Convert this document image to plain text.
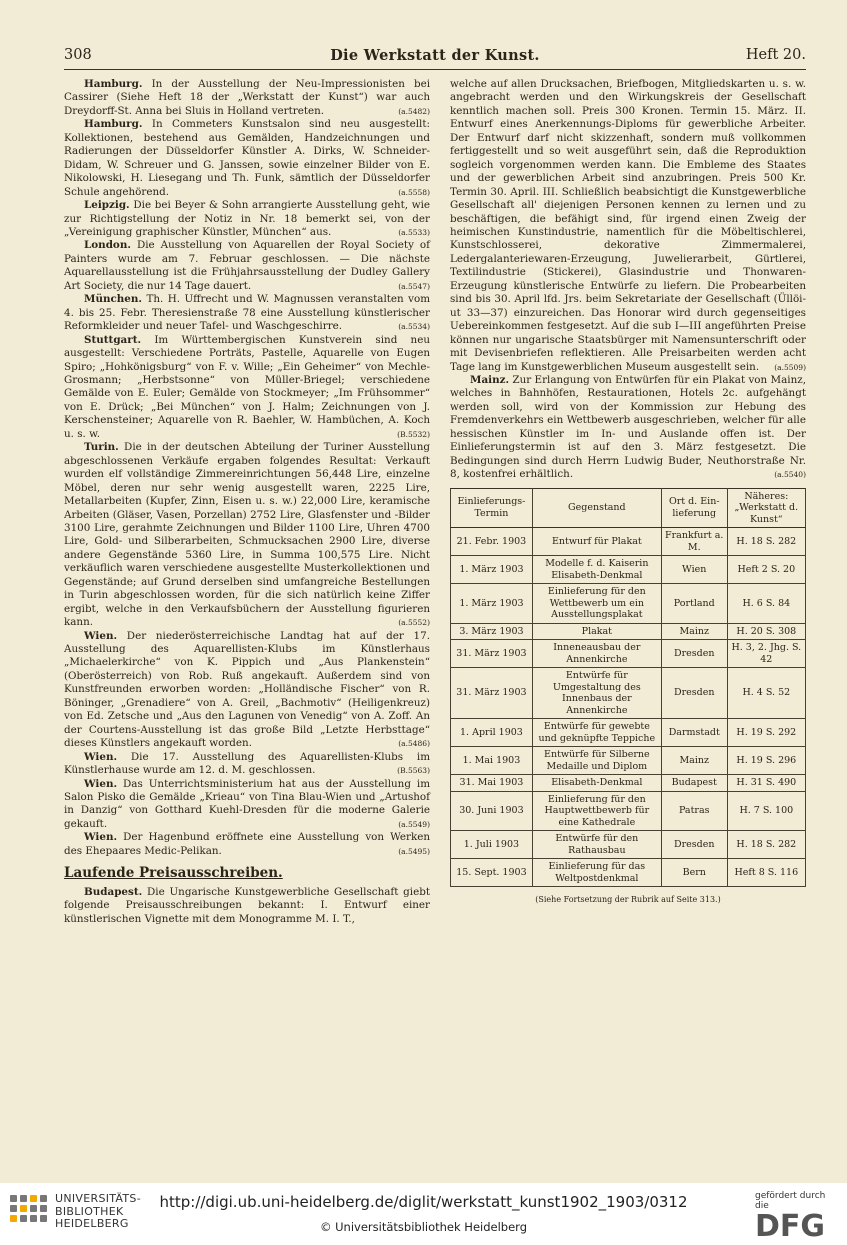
308	Die Werkstatt der Kunst.	Heft 20.

Hamburg. In der Ausstellung der Neu-Impressionisten bei Cassirer (Siehe Heft 18 der „Werkstatt der Kunst“) war auch Dreydorff-St. Anna bei Sluis in Holland vertreten.	(a.5482)

Hamburg. In Commeters Kunstsalon sind neu ausgestellt: Kollektionen, bestehend aus Gemälden, Handzeichnungen und Radierungen der Düsseldorfer Künstler A. Dirks, W. Schneider-Didam, W. Schreuer und G. Janssen, sowie einzelner Bilder von E. Nikolowski, H. Liesegang und Th. Funk, sämtlich der Düsseldorfer Schule angehörend.	(a.5558)

Leipzig. Die bei Beyer & Sohn arrangierte Ausstellung geht, wie zur Richtigstellung der Notiz in Nr. 18 bemerkt sei, von der „Vereinigung graphischer Künstler, München“ aus.	(a.5533)

London. Die Ausstellung von Aquarellen der Royal Society of Painters wurde am 7. Februar geschlossen. — Die nächste Aquarellausstellung ist die Frühjahrsausstellung der Dudley Gallery Art Society, die nur 14 Tage dauert.	(a.5547)

München. Th. H. Uffrecht und W. Magnussen veranstalten vom 4. bis 25. Febr. Theresienstraße 78 eine Ausstellung künstlerischer Reformkleider und neuer Tafel- und Waschgeschirre.	(a.5534)

Stuttgart. Im Württembergischen Kunstverein sind neu ausgestellt: Verschiedene Porträts, Pastelle, Aquarelle von Eugen Spiro; „Hohkönigsburg“ von F. v. Wille; „Ein Geheimer“ von Mechle-Grosmann; „Herbstsonne“ von Müller-Briegel; verschiedene Gemälde von E. Euler; Gemälde von Stockmeyer; „Im Frühsommer“ von E. Drück; „Bei München“ von J. Halm; Zeichnungen von J. Kerschensteiner; Aquarelle von R. Baehler, W. Hambüchen, A. Koch u. s. w.	(B.5532)

Turin. Die in der deutschen Abteilung der Turiner Ausstellung abgeschlossenen Verkäufe ergaben folgendes Resultat: Verkauft wurden elf vollständige Zimmereinrichtungen 56,448 Lire, einzelne Möbel, deren nur sehr wenig ausgestellt waren, 2225 Lire, Metallarbeiten (Kupfer, Zinn, Eisen u. s. w.) 22,000 Lire, keramische Arbeiten (Gläser, Vasen, Porzellan) 2752 Lire, Glasfenster und -Bilder 3100 Lire, gerahmte Zeichnungen und Bilder 1100 Lire, Uhren 4700 Lire, Gold- und Silberarbeiten, Schmucksachen 2900 Lire, diverse andere Gegenstände 5360 Lire, in Summa 100,575 Lire. Nicht verkäuflich waren verschiedene ausgestellte Musterkollektionen und Gegenstände; auf Grund derselben sind umfangreiche Bestellungen in Turin abgeschlossen worden, für die sich natürlich keine Ziffer ergibt, welche in den Verkaufsbüchern der Ausstellung figurieren kann.	(a.5552)

Wien. Der niederösterreichische Landtag hat auf der 17. Ausstellung des Aquarellisten-Klubs im Künstlerhaus „Michaelerkirche“ von K. Pippich und „Aus Plankenstein“ (Oberösterreich) von Rob. Ruß angekauft. Außerdem sind von Kunstfreunden erworben worden: „Holländische Fischer“ von R. Böninger, „Grenadiere“ von A. Greil, „Bachmotiv“ (Heiligenkreuz) von Ed. Zetsche und „Aus den Lagunen von Venedig“ von A. Zoff. An der Courtens-Ausstellung ist das große Bild „Letzte Herbsttage“ dieses Künstlers angekauft worden.	(a.5486)

Wien. Die 17. Ausstellung des Aquarellisten-Klubs im Künstlerhause wurde am 12. d. M. geschlossen.	(B.5563)

Wien. Das Unterrichtsministerium hat aus der Ausstellung im Salon Pisko die Gemälde „Krieau“ von Tina Blau-Wien und „Artushof in Danzig“ von Gotthard Kuehl-Dresden für die moderne Galerie gekauft.	(a.5549)

Wien. Der Hagenbund eröffnete eine Ausstellung von Werken des Ehepaares Medic-Pelikan.	(a.5495)

Laufende Preisausschreiben.

Budapest. Die Ungarische Kunstgewerbliche Gesellschaft giebt folgende Preisausschreibungen bekannt: I. Entwurf einer künstlerischen Vignette mit dem Monogramme M. I. T.,

welche auf allen Drucksachen, Briefbogen, Mitgliedskarten u. s. w. angebracht werden und den Wirkungskreis der Gesellschaft kenntlich machen soll. Preis 300 Kronen. Termin 15. März. II. Entwurf eines Anerkennungs-Diploms für gewerbliche Arbeiter. Der Entwurf darf nicht skizzenhaft, sondern muß vollkommen fertiggestellt und so weit ausgeführt sein, daß die Reproduktion sogleich vorgenommen werden kann. Die Embleme des Staates und der gewerblichen Arbeit sind anzubringen. Preis 500 Kr. Termin 30. April. III. Schließlich beabsichtigt die Kunstgewerbliche Gesellschaft all' diejenigen Personen kennen zu lernen und zu beschäftigen, die befähigt sind, für irgend einen Zweig der heimischen Kunstindustrie, namentlich für die Möbeltischlerei, Kunstschlosserei, dekorative Zimmermalerei, Ledergalanteriewaren-Erzeugung, Juwelierarbeit, Gürtlerei, Textilindustrie (Stickerei), Glasindustrie und Thonwaren-Erzeugung künstlerische Entwürfe zu liefern. Die Probearbeiten sind bis 30. April lfd. Jrs. beim Sekretariate der Gesellschaft (Üllöi-ut 33—37) einzureichen. Das Honorar wird durch gegenseitiges Uebereinkommen festgesetzt. Auf die sub I—III angeführten Preise können nur ungarische Staatsbürger mit Namensunterschrift oder mit Devisenbriefen reflektieren. Alle Preisarbeiten werden acht Tage lang im Kunstgewerblichen Museum ausgestellt sein. (a.5509)

Mainz. Zur Erlangung von Entwürfen für ein Plakat von Mainz, welches in Bahnhöfen, Restaurationen, Hotels 2c. aufgehängt werden soll, wird von der Kommission zur Hebung des Fremdenverkehrs ein Wettbewerb ausgeschrieben, welcher für alle hessischen Künstler im In- und Auslande offen ist. Der Einlieferungstermin ist auf den 3. März festgesetzt. Die Bedingungen sind durch Herrn Ludwig Buder, Neuthorstraße Nr. 8, kostenfrei erhältlich.	(a.5540)

Einlieferungs-Termin	Gegenstand	Ort d. Ein-lieferung	Näheres: „Werkstatt d. Kunst“
21. Febr. 1903	Entwurf für Plakat	Frankfurt a. M.	H. 18 S. 282
1. März 1903	Modelle f. d. Kaiserin Elisabeth-Denkmal	Wien	Heft 2 S. 20
1. März 1903	Einlieferung für den Wettbewerb um ein Ausstellungsplakat	Portland	H. 6 S. 84
3. März 1903	Plakat	Mainz	H. 20 S. 308
31. März 1903	Inneneausbau der Annenkirche	Dresden	H. 3, 2. Jhg. S. 42
31. März 1903	Entwürfe für Umgestaltung des Innenbaus der Annenkirche	Dresden	H. 4 S. 52
1. April 1903	Entwürfe für gewebte und geknüpfte Teppiche	Darmstadt	H. 19 S. 292
1. Mai 1903	Entwürfe für Silberne Medaille und Diplom	Mainz	H. 19 S. 296
31. Mai 1903	Elisabeth-Denkmal	Budapest	H. 31 S. 490
30. Juni 1903	Einlieferung für den Hauptwettbewerb für eine Kathedrale	Patras	H. 7 S. 100
1. Juli 1903	Entwürfe für den Rathausbau	Dresden	H. 18 S. 282
15. Sept. 1903	Einlieferung für das Weltpostdenkmal	Bern	Heft 8 S. 116
(Siehe Fortsetzung der Rubrik auf Seite 313.)
UNIVERSITÄTS-BIBLIOTHEK HEIDELBERG
http://digi.ub.uni-heidelberg.de/diglit/werkstatt_kunst1902_1903/0312
© Universitätsbibliothek Heidelberg
gefördert durch die
DFG
